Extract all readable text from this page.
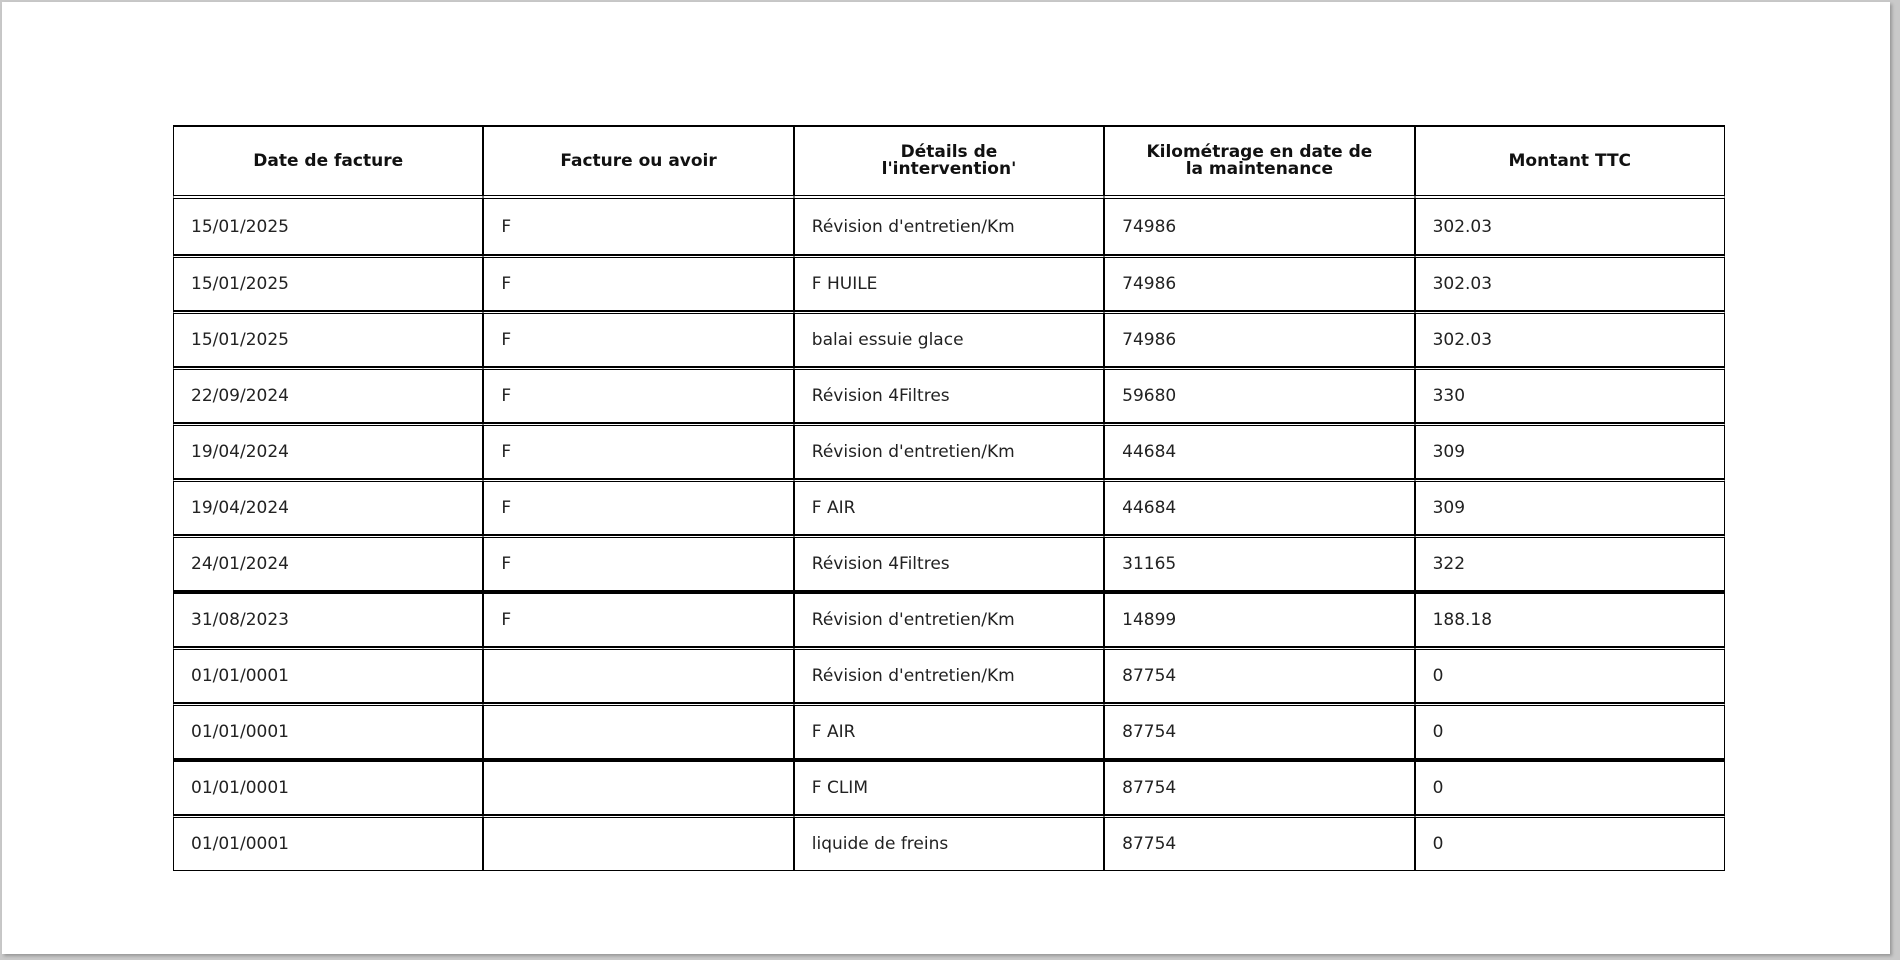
Date de facture	Facture ou avoir	Détails de l'intervention'	Kilométrage en date de la maintenance	Montant TTC
15/01/2025	F	Révision d'entretien/Km	74986	302.03
15/01/2025	F	F HUILE	74986	302.03
15/01/2025	F	balai essuie glace	74986	302.03
22/09/2024	F	Révision 4Filtres	59680	330
19/04/2024	F	Révision d'entretien/Km	44684	309
19/04/2024	F	F AIR	44684	309
24/01/2024	F	Révision 4Filtres	31165	322
31/08/2023	F	Révision d'entretien/Km	14899	188.18
01/01/0001		Révision d'entretien/Km	87754	0
01/01/0001		F AIR	87754	0
01/01/0001		F CLIM	87754	0
01/01/0001		liquide de freins	87754	0
